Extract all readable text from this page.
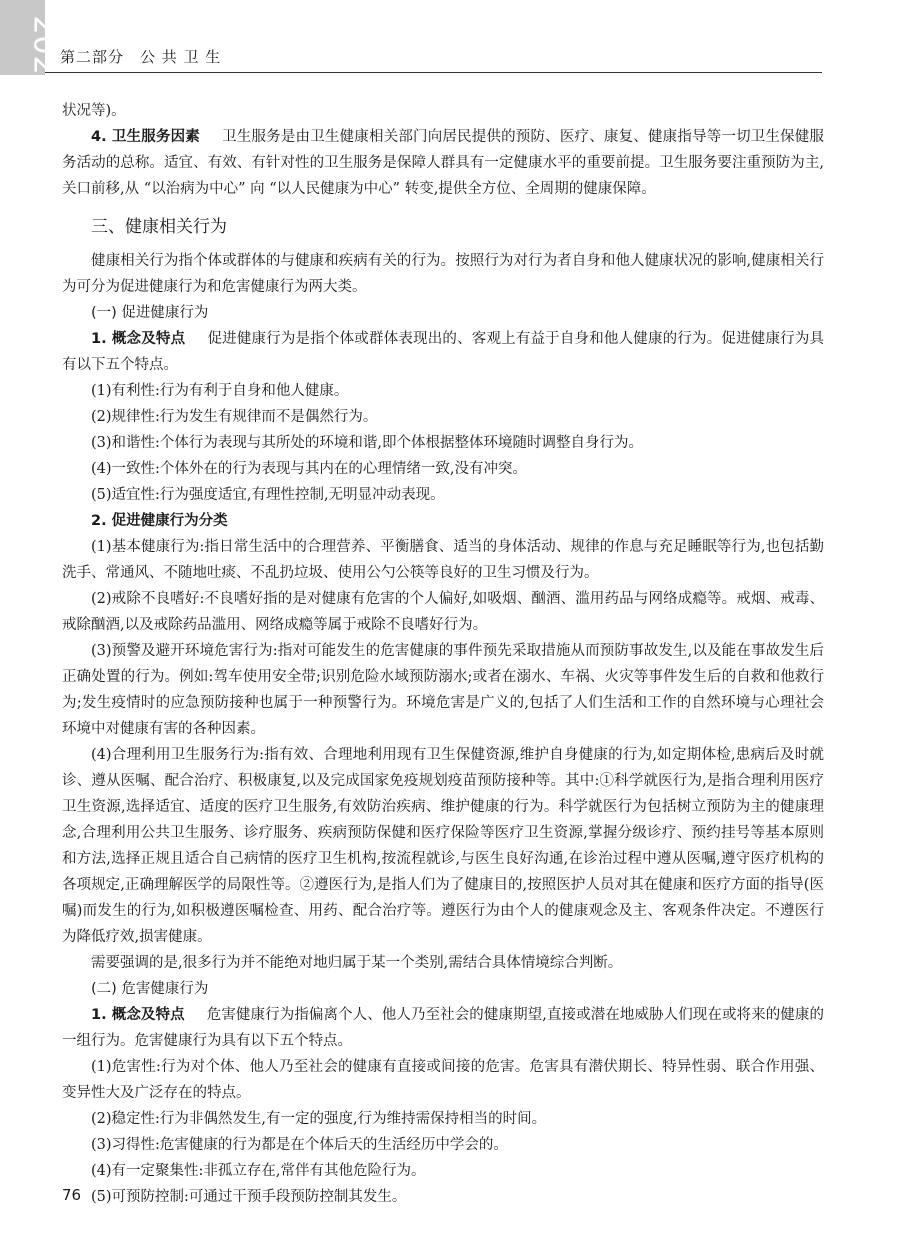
2025
第二部分　公 共 卫 生

状况等)。

4. 卫生服务因素 卫生服务是由卫生健康相关部门向居民提供的预防、医疗、康复、健康指导等一切卫生保健服务活动的总称。适宜、有效、有针对性的卫生服务是保障人群具有一定健康水平的重要前提。卫生服务要注重预防为主,关口前移,从 “以治病为中心” 向 “以人民健康为中心” 转变,提供全方位、全周期的健康保障。

三、健康相关行为

健康相关行为指个体或群体的与健康和疾病有关的行为。按照行为对行为者自身和他人健康状况的影响,健康相关行为可分为促进健康行为和危害健康行为两大类。

(一) 促进健康行为

1. 概念及特点 促进健康行为是指个体或群体表现出的、客观上有益于自身和他人健康的行为。促进健康行为具有以下五个特点。

(1)有利性:行为有利于自身和他人健康。

(2)规律性:行为发生有规律而不是偶然行为。

(3)和谐性:个体行为表现与其所处的环境和谐,即个体根据整体环境随时调整自身行为。

(4)一致性:个体外在的行为表现与其内在的心理情绪一致,没有冲突。

(5)适宜性:行为强度适宜,有理性控制,无明显冲动表现。

2. 促进健康行为分类

(1)基本健康行为:指日常生活中的合理营养、平衡膳食、适当的身体活动、规律的作息与充足睡眠等行为,也包括勤洗手、常通风、不随地吐痰、不乱扔垃圾、使用公勺公筷等良好的卫生习惯及行为。

(2)戒除不良嗜好:不良嗜好指的是对健康有危害的个人偏好,如吸烟、酗酒、滥用药品与网络成瘾等。戒烟、戒毒、戒除酗酒,以及戒除药品滥用、网络成瘾等属于戒除不良嗜好行为。

(3)预警及避开环境危害行为:指对可能发生的危害健康的事件预先采取措施从而预防事故发生,以及能在事故发生后正确处置的行为。例如:驾车使用安全带;识别危险水域预防溺水;或者在溺水、车祸、火灾等事件发生后的自救和他救行为;发生疫情时的应急预防接种也属于一种预警行为。环境危害是广义的,包括了人们生活和工作的自然环境与心理社会环境中对健康有害的各种因素。

(4)合理利用卫生服务行为:指有效、合理地利用现有卫生保健资源,维护自身健康的行为,如定期体检,患病后及时就诊、遵从医嘱、配合治疗、积极康复,以及完成国家免疫规划疫苗预防接种等。其中:①科学就医行为,是指合理利用医疗卫生资源,选择适宜、适度的医疗卫生服务,有效防治疾病、维护健康的行为。科学就医行为包括树立预防为主的健康理念,合理利用公共卫生服务、诊疗服务、疾病预防保健和医疗保险等医疗卫生资源,掌握分级诊疗、预约挂号等基本原则和方法,选择正规且适合自己病情的医疗卫生机构,按流程就诊,与医生良好沟通,在诊治过程中遵从医嘱,遵守医疗机构的各项规定,正确理解医学的局限性等。②遵医行为,是指人们为了健康目的,按照医护人员对其在健康和医疗方面的指导(医嘱)而发生的行为,如积极遵医嘱检查、用药、配合治疗等。遵医行为由个人的健康观念及主、客观条件决定。不遵医行为降低疗效,损害健康。

需要强调的是,很多行为并不能绝对地归属于某一个类别,需结合具体情境综合判断。

(二) 危害健康行为

1. 概念及特点 危害健康行为指偏离个人、他人乃至社会的健康期望,直接或潜在地威胁人们现在或将来的健康的一组行为。危害健康行为具有以下五个特点。

(1)危害性:行为对个体、他人乃至社会的健康有直接或间接的危害。危害具有潜伏期长、特异性弱、联合作用强、变异性大及广泛存在的特点。

(2)稳定性:行为非偶然发生,有一定的强度,行为维持需保持相当的时间。

(3)习得性:危害健康的行为都是在个体后天的生活经历中学会的。

(4)有一定聚集性:非孤立存在,常伴有其他危险行为。

(5)可预防控制:可通过干预手段预防控制其发生。

76
